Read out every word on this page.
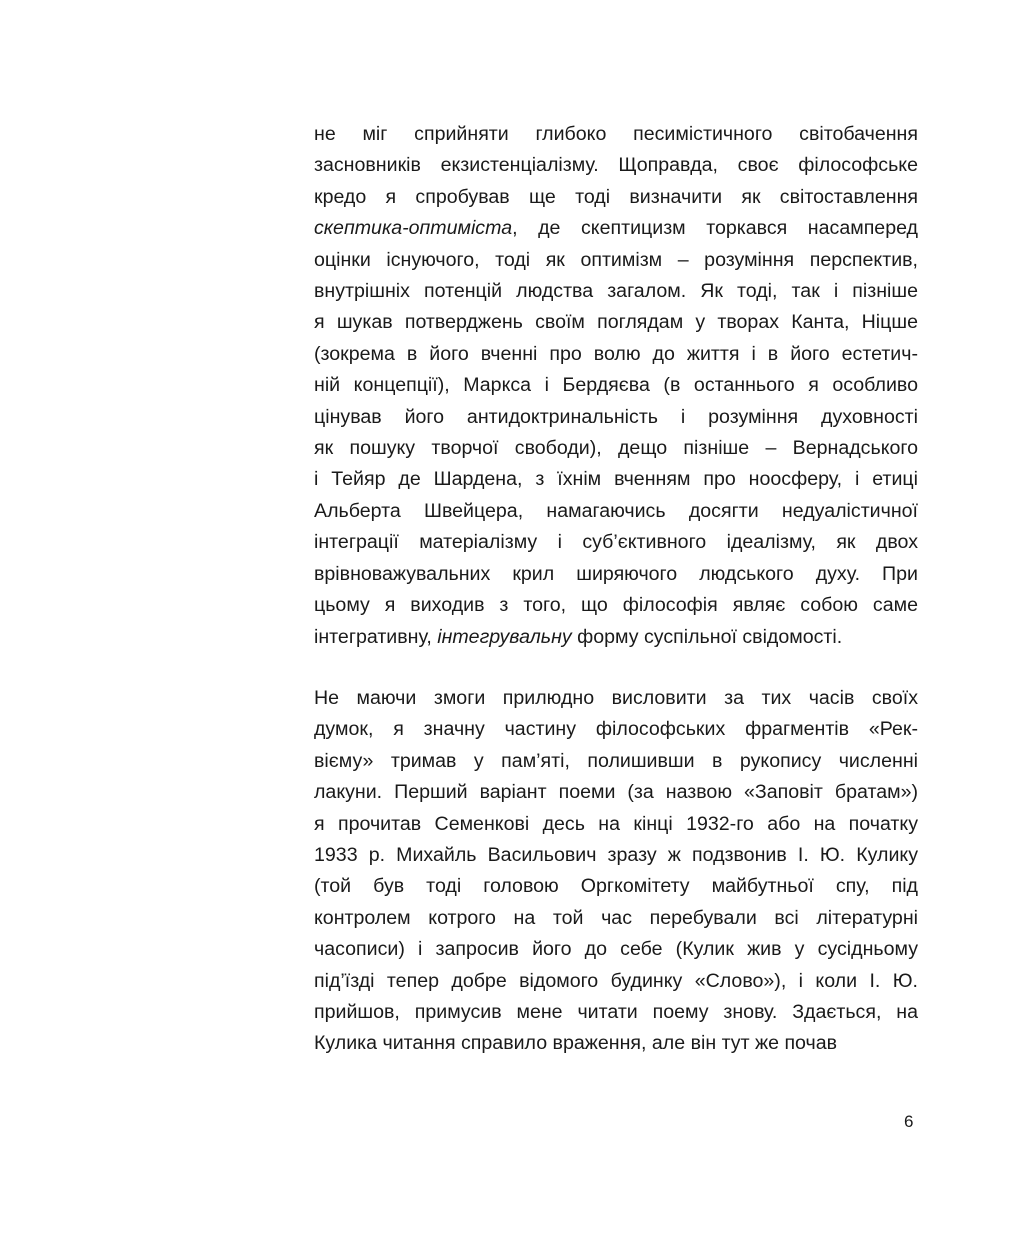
не міг сприйняти глибоко песимістичного світобачення
засновників екзистенціалізму. Щоправда, своє філософське
кредо я спробував ще тоді визначити як світоставлення
скептика-оптиміста, де скептицизм торкався насамперед
оцінки існуючого, тоді як оптимізм – розуміння перспектив,
внутрішніх потенцій людства загалом. Як тоді, так і пізніше
я шукав потверджень своїм поглядам у творах Канта, Ніцше
(зокрема в його вченні про волю до життя і в його естетич-
ній концепції), Маркса і Бердяєва (в останнього я особливо
цінував його антидоктринальність і розуміння духовності
як пошуку творчої свободи), дещо пізніше – Вернадського
і Тейяр де Шардена, з їхнім вченням про ноосферу, і етиці
Альберта Швейцера, намагаючись досягти недуалістичної
інтеграції матеріалізму і суб’єктивного ідеалізму, як двох
врівноважувальних крил ширяючого людського духу. При
цьому я виходив з того, що філософія являє собою саме
інтегративну, інтегрувальну форму суспільної свідомості.
Не маючи змоги прилюдно висловити за тих часів своїх
думок, я значну частину філософських фрагментів «Рек-
вієму» тримав у пам’яті, полишивши в рукопису численні
лакуни. Перший варіант поеми (за назвою «Заповіт братам»)
я прочитав Семенкові десь на кінці 1932-го або на початку
1933 р. Михайль Васильович зразу ж подзвонив І. Ю. Кулику
(той був тоді головою Оргкомітету майбутньої спу, під
контролем котрого на той час перебували всі літературні
часописи) і запросив його до себе (Кулик жив у сусідньому
під’їзді тепер добре відомого будинку «Слово»), і коли І. Ю.
прийшов, примусив мене читати поему знову. Здається, на
Кулика читання справило враження, але він тут же почав
6
